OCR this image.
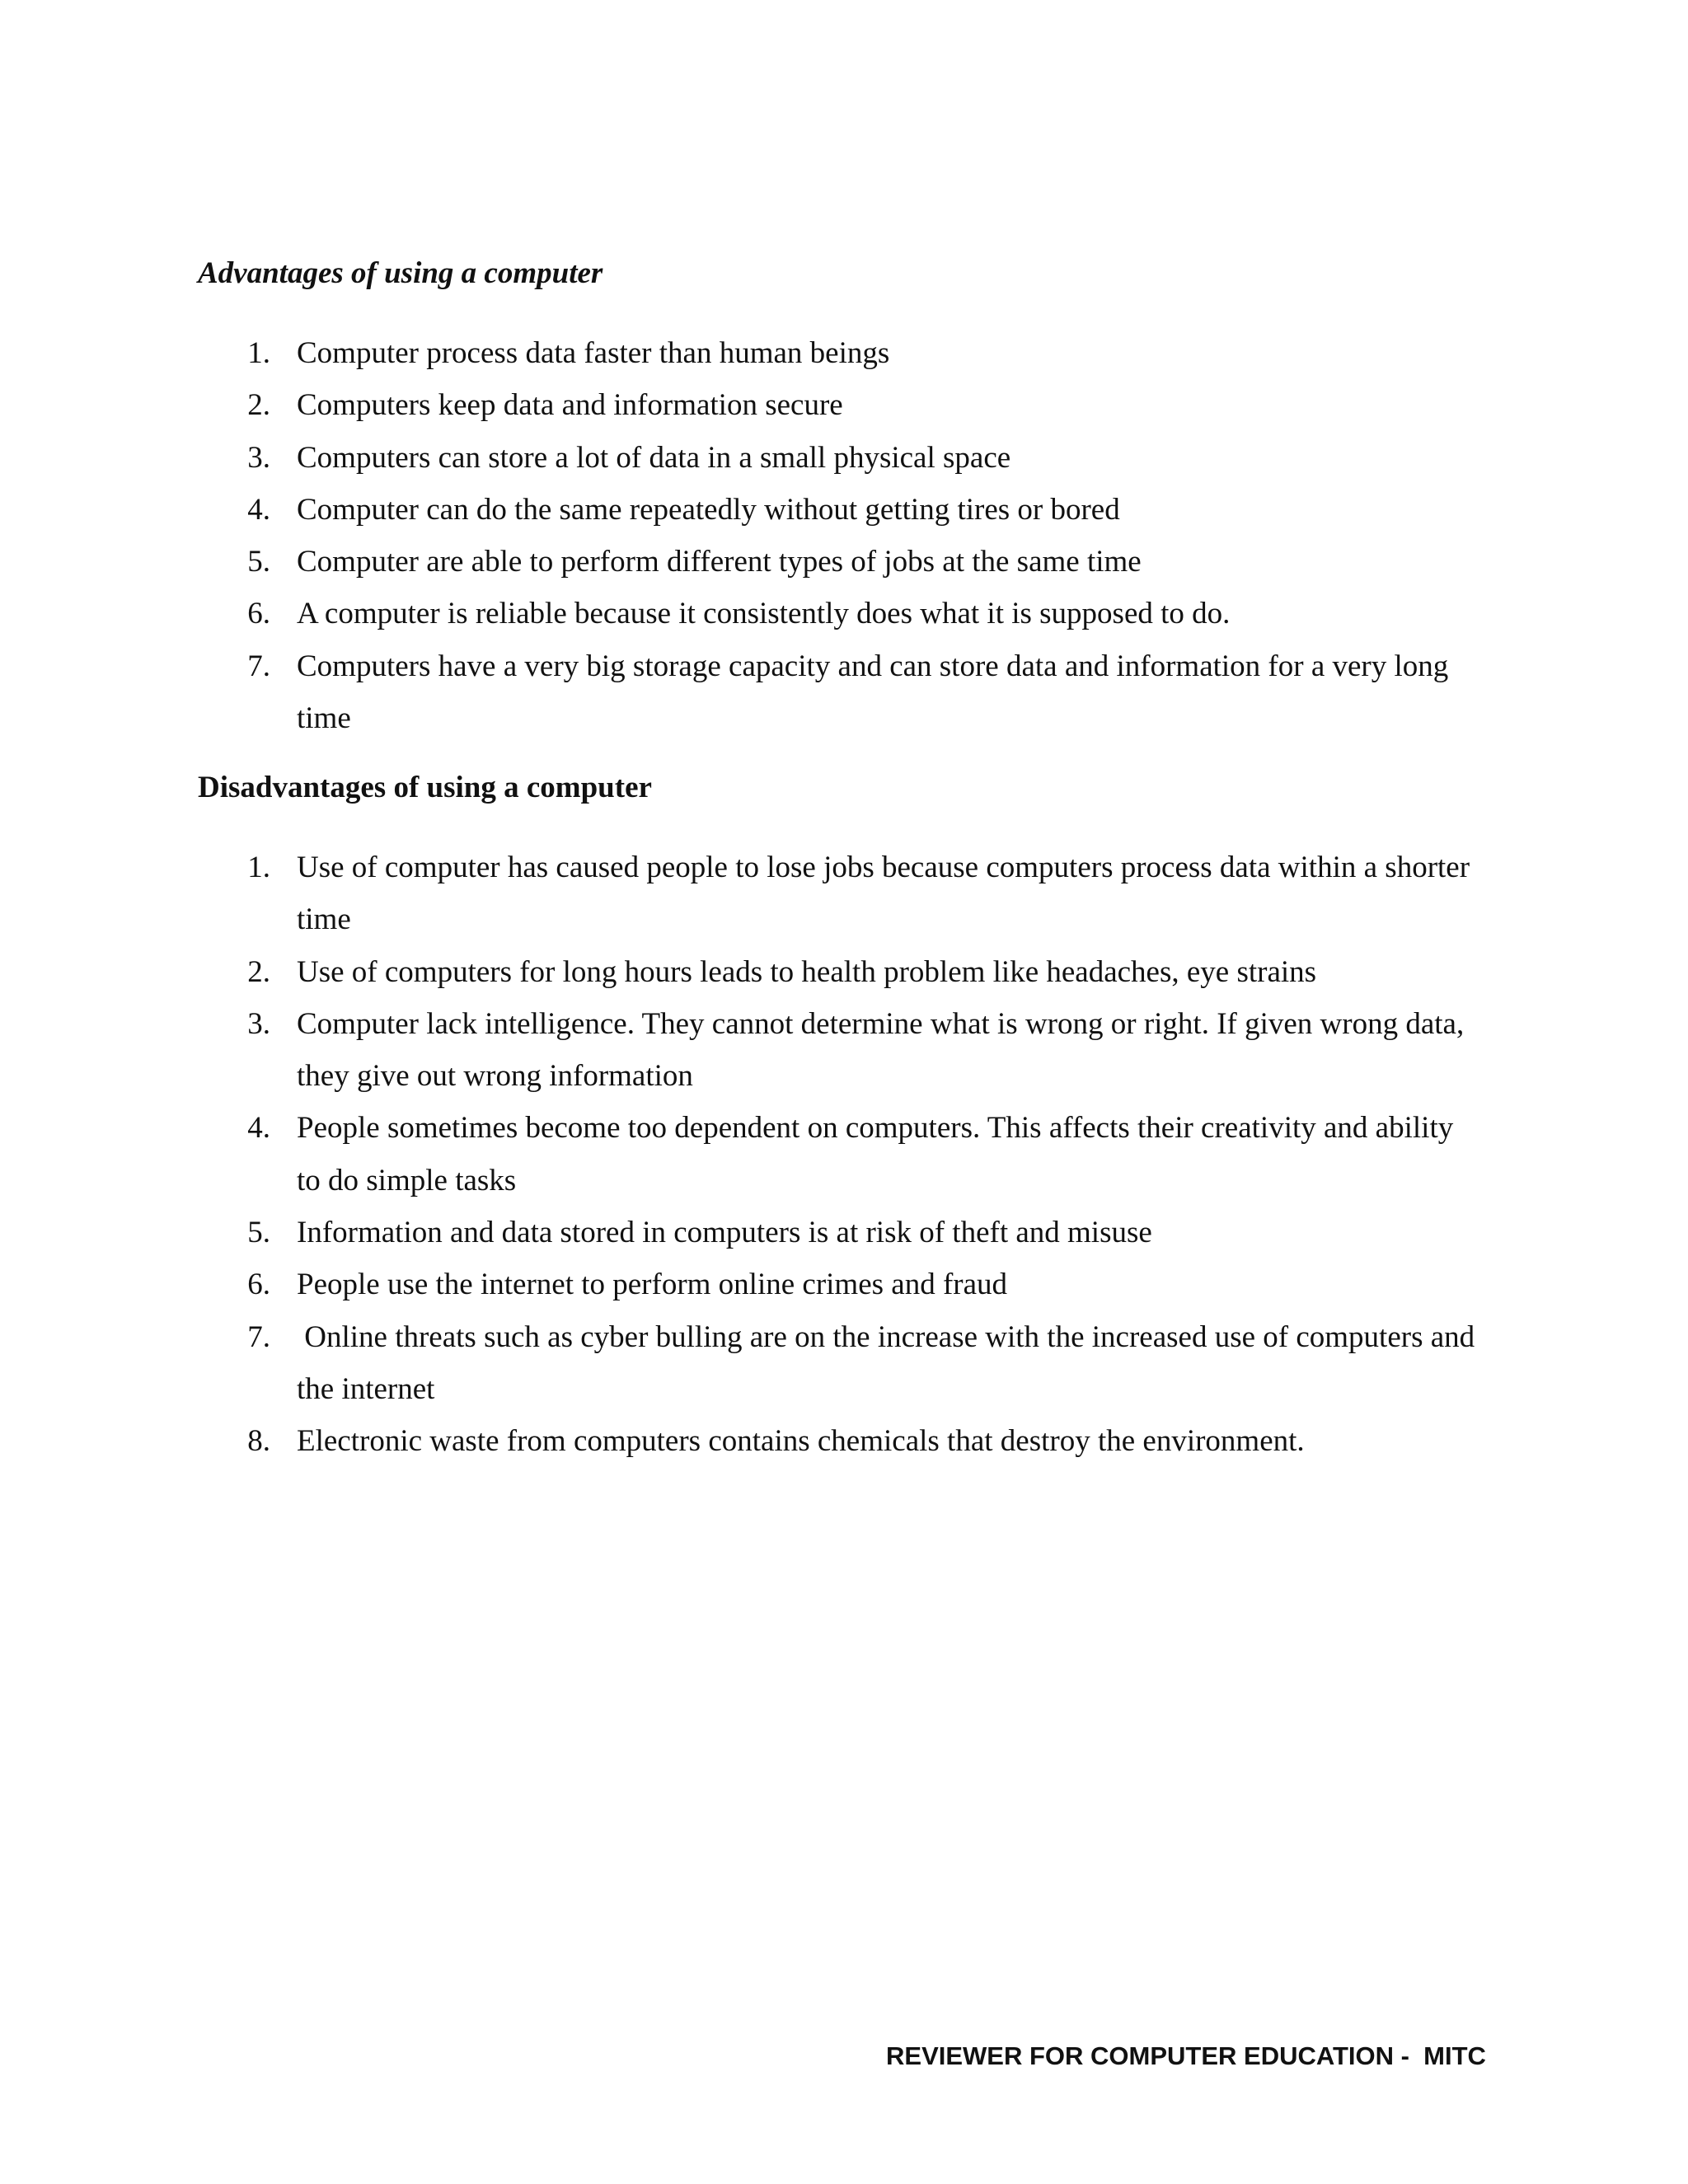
Advantages of using a computer
1 . Computer process data faster than human beings
2 . Computers keep data and information secure
3 . Computers can store a lot of data in a small physical space
4 . Computer can do the same repeatedly without getting tires or bored
5 . Computer are able to perform different types of jobs at the same time
6 . A computer is reliable because it consistently does what it is supposed to do.
7 . Computers have a very big storage capacity and can store data and information for a very long time
Disadvantages of using a computer
1 . Use of computer has caused people to lose jobs because computers process data within a shorter time
2 . Use of computers for long hours leads to health problem like headaches, eye strains
3 . Computer lack intelligence. They cannot determine what is wrong or right. If given wrong data, they give out wrong information
4 . People sometimes become too dependent on computers. This affects their creativity and ability to do simple tasks
5 . Information and data stored in computers is at risk of theft and misuse
6 . People use the internet to perform online crimes and fraud
7 . Online threats such as cyber bulling are on the increase with the increased use of computers and the internet
8 . Electronic waste from computers contains chemicals that destroy the environment.
REVIEWER FOR COMPUTER EDUCATION -  MITC
